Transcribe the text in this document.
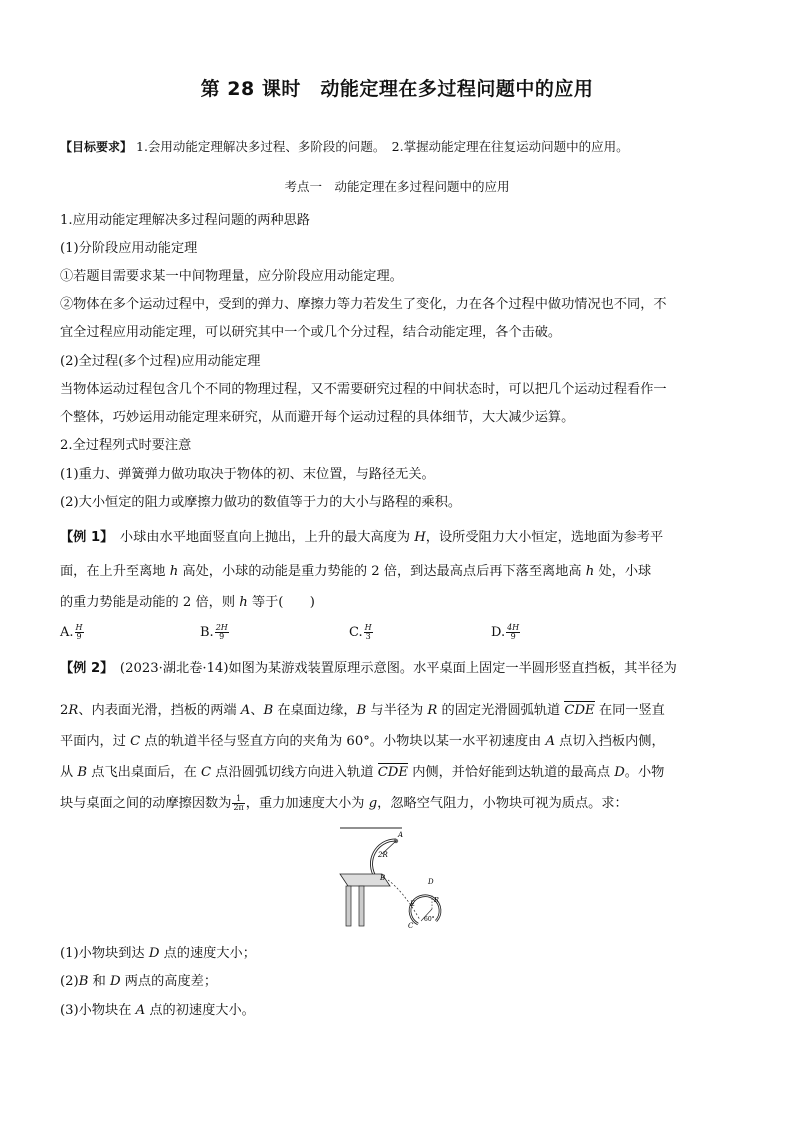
第 28 课时　动能定理在多过程问题中的应用
【目标要求】 1.会用动能定理解决多过程、多阶段的问题。　2.掌握动能定理在往复运动问题中的应用。
考点一　动能定理在多过程问题中的应用
1.应用动能定理解决多过程问题的两种思路
(1)分阶段应用动能定理
①若题目需要求某一中间物理量，应分阶段应用动能定理。
②物体在多个运动过程中，受到的弹力、摩擦力等力若发生了变化，力在各个过程中做功情况也不同，不
宜全过程应用动能定理，可以研究其中一个或几个分过程，结合动能定理，各个击破。
(2)全过程(多个过程)应用动能定理
当物体运动过程包含几个不同的物理过程，又不需要研究过程的中间状态时，可以把几个运动过程看作一
个整体，巧妙运用动能定理来研究，从而避开每个运动过程的具体细节，大大减少运算。
2.全过程列式时要注意
(1)重力、弹簧弹力做功取决于物体的初、末位置，与路径无关。
(2)大小恒定的阻力或摩擦力做功的数值等于力的大小与路程的乘积。
【例 1】　小球由水平地面竖直向上抛出，上升的最大高度为 H，设所受阻力大小恒定，选地面为参考平
面，在上升至离地 h 高处，小球的动能是重力势能的 2 倍，到达最高点后再下落至离地高 h 处，小球
的重力势能是动能的 2 倍，则 h 等于(　　)
A. $\frac{H}{9}$	B. $\frac{2H}{9}$	C. $\frac{H}{3}$	D. $\frac{4H}{9}$
【例 2】　(2023·湖北卷·14)如图为某游戏装置原理示意图。水平桌面上固定一半圆形竖直挡板，其半径为
2R、内表面光滑，挡板的两端 A、B 在桌面边缘，B 与半径为 R 的固定光滑圆弧轨道 CDE 在同一竖直
平面内，过 C 点的轨道半径与竖直方向的夹角为 60°。小物块以某一水平初速度由 A 点切入挡板内侧，
从 B 点飞出桌面后，在 C 点沿圆弧切线方向进入轨道 CDE 内侧，并恰好能到达轨道的最高点 D。小物
块与桌面之间的动摩擦因数为 $\frac{1}{2\pi}$ ，重力加速度大小为 g，忽略空气阻力，小物块可视为质点。求：
2R
A
B
R
60°
D
E
C
(1)小物块到达 D 点的速度大小；
(2)B 和 D 两点的高度差；
(3)小物块在 A 点的初速度大小。
